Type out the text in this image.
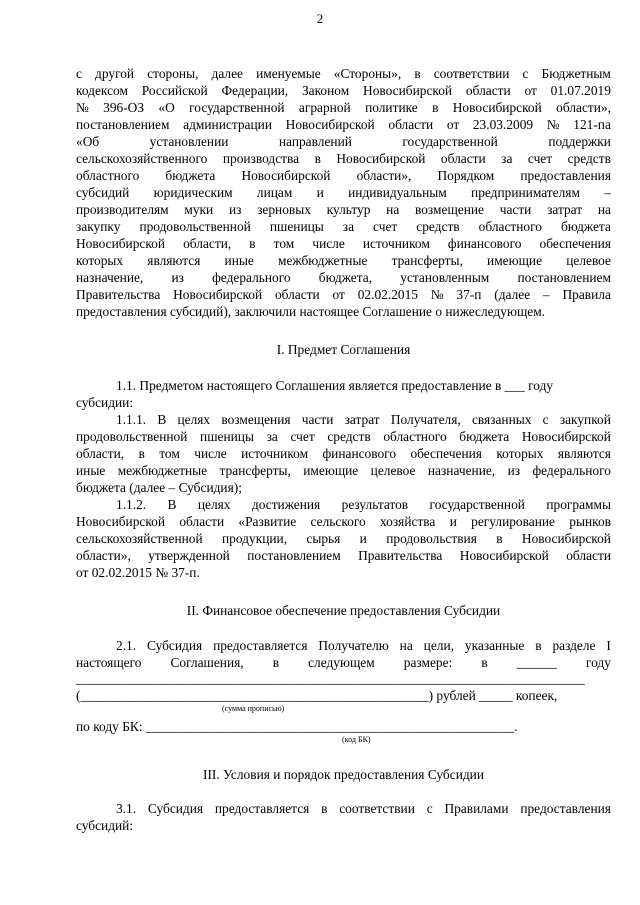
2
с другой стороны, далее именуемые «Стороны», в соответствии с Бюджетным
кодексом Российской Федерации, Законом Новосибирской области от 01.07.2019
№ 396-ОЗ «О государственной аграрной политике в Новосибирской области»,
постановлением администрации Новосибирской области от 23.03.2009 № 121-па
«Об	установлении	направлений	государственной	поддержки
сельскохозяйственного производства в Новосибирской области за счет средств
областного бюджета Новосибирской области», Порядком предоставления
субсидий юридическим лицам и индивидуальным предпринимателям –
производителям муки из зерновых культур на возмещение части затрат на
закупку продовольственной пшеницы за счет средств областного бюджета
Новосибирской области, в том числе источником финансового обеспечения
которых являются иные межбюджетные трансферты, имеющие целевое
назначение, из федерального бюджета, установленным постановлением
Правительства Новосибирской области от 02.02.2015 № 37-п (далее – Правила
предоставления субсидий), заключили настоящее Соглашение о нижеследующем.
I. Предмет Соглашения
1.1. Предметом настоящего Соглашения является предоставление в ___ году
субсидии:
1.1.1. В целях возмещения части затрат Получателя, связанных с закупкой
продовольственной пшеницы за счет средств областного бюджета Новосибирской
области, в том числе источником финансового обеспечения которых являются
иные межбюджетные трансферты, имеющие целевое назначение, из федерального
бюджета (далее – Субсидия);
1.1.2. В целях достижения результатов государственной программы
Новосибирской области «Развитие сельского хозяйства и регулирование рынков
сельскохозяйственной продукции, сырья и продовольствия в Новосибирской
области», утвержденной постановлением Правительства Новосибирской области
от 02.02.2015 № 37-п.
II. Финансовое обеспечение предоставления Субсидии
2.1. Субсидия предоставляется Получателю на цели, указанные в разделе I
настоящего Соглашения, в следующем размере: в ______ году
____________________________________________________________________________
(____________________________________________________) рублей _____ копеек,
(сумма прописью)
по коду БК: _______________________________________________________.
(код БК)
III. Условия и порядок предоставления Субсидии
3.1. Субсидия предоставляется в соответствии с Правилами предоставления
субсидий:
